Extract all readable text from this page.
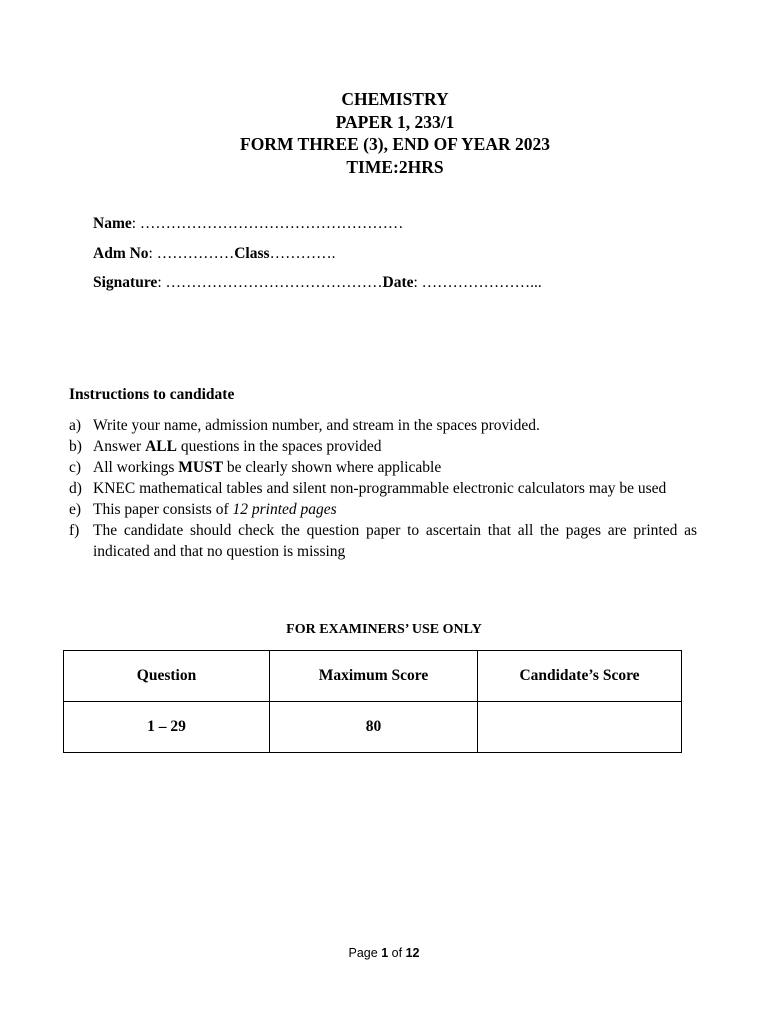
CHEMISTRY
PAPER 1, 233/1
FORM THREE (3), END OF YEAR 2023
TIME:2HRS
Name: ……………………………………………
Adm No: ……………Class………….
Signature: ……………………………………Date: …………………...
Instructions to candidate
a) Write your name, admission number, and stream in the spaces provided.
b) Answer ALL questions in the spaces provided
c) All workings MUST be clearly shown where applicable
d) KNEC mathematical tables and silent non-programmable electronic calculators may be used
e) This paper consists of 12 printed pages
f) The candidate should check the question paper to ascertain that all the pages are printed as indicated and that no question is missing
FOR EXAMINERS’ USE ONLY
Question	Maximum Score	Candidate’s Score
1 – 29	80	
Page 1 of 12
